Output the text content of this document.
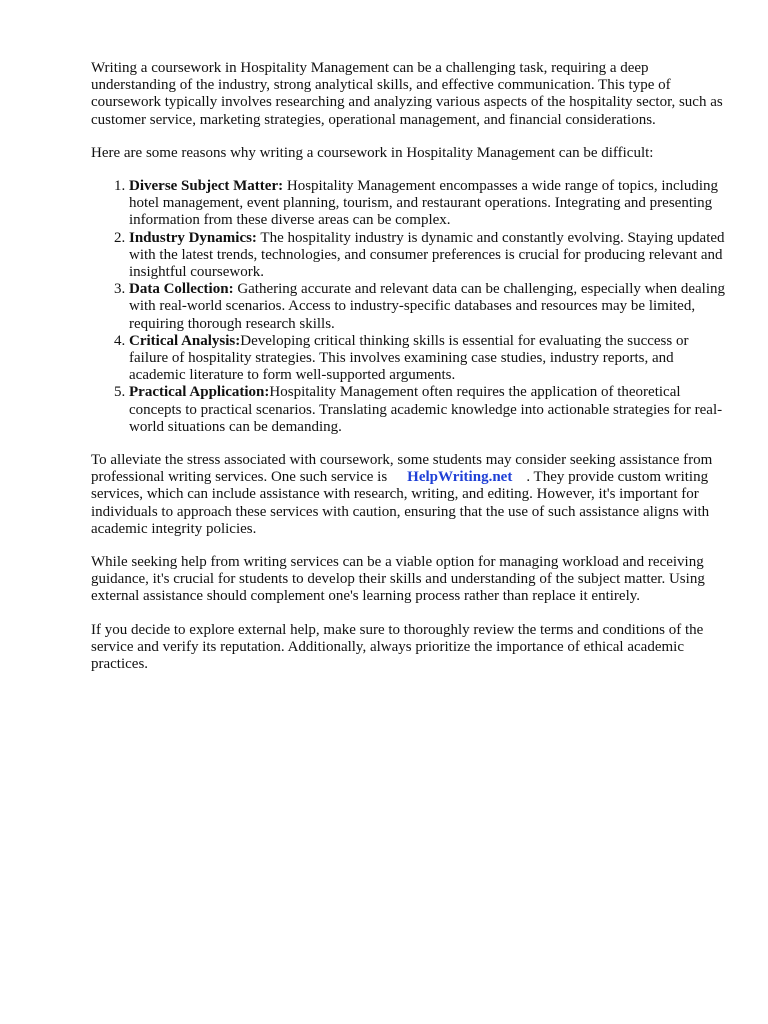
Writing a coursework in Hospitality Management can be a challenging task, requiring a deep understanding of the industry, strong analytical skills, and effective communication. This type of coursework typically involves researching and analyzing various aspects of the hospitality sector, such as customer service, marketing strategies, operational management, and financial considerations.

Here are some reasons why writing a coursework in Hospitality Management can be difficult:

1. Diverse Subject Matter: Hospitality Management encompasses a wide range of topics, including hotel management, event planning, tourism, and restaurant operations. Integrating and presenting information from these diverse areas can be complex.
2. Industry Dynamics: The hospitality industry is dynamic and constantly evolving. Staying updated with the latest trends, technologies, and consumer preferences is crucial for producing relevant and insightful coursework.
3. Data Collection: Gathering accurate and relevant data can be challenging, especially when dealing with real-world scenarios. Access to industry-specific databases and resources may be limited, requiring thorough research skills.
4. Critical Analysis:Developing critical thinking skills is essential for evaluating the success or failure of hospitality strategies. This involves examining case studies, industry reports, and academic literature to form well-supported arguments.
5. Practical Application:Hospitality Management often requires the application of theoretical concepts to practical scenarios. Translating academic knowledge into actionable strategies for real-world situations can be demanding.

To alleviate the stress associated with coursework, some students may consider seeking assistance from professional writing services. One such service is HelpWriting.net . They provide custom writing services, which can include assistance with research, writing, and editing. However, it's important for individuals to approach these services with caution, ensuring that the use of such assistance aligns with academic integrity policies.

While seeking help from writing services can be a viable option for managing workload and receiving guidance, it's crucial for students to develop their skills and understanding of the subject matter. Using external assistance should complement one's learning process rather than replace it entirely.

If you decide to explore external help, make sure to thoroughly review the terms and conditions of the service and verify its reputation. Additionally, always prioritize the importance of ethical academic practices.
